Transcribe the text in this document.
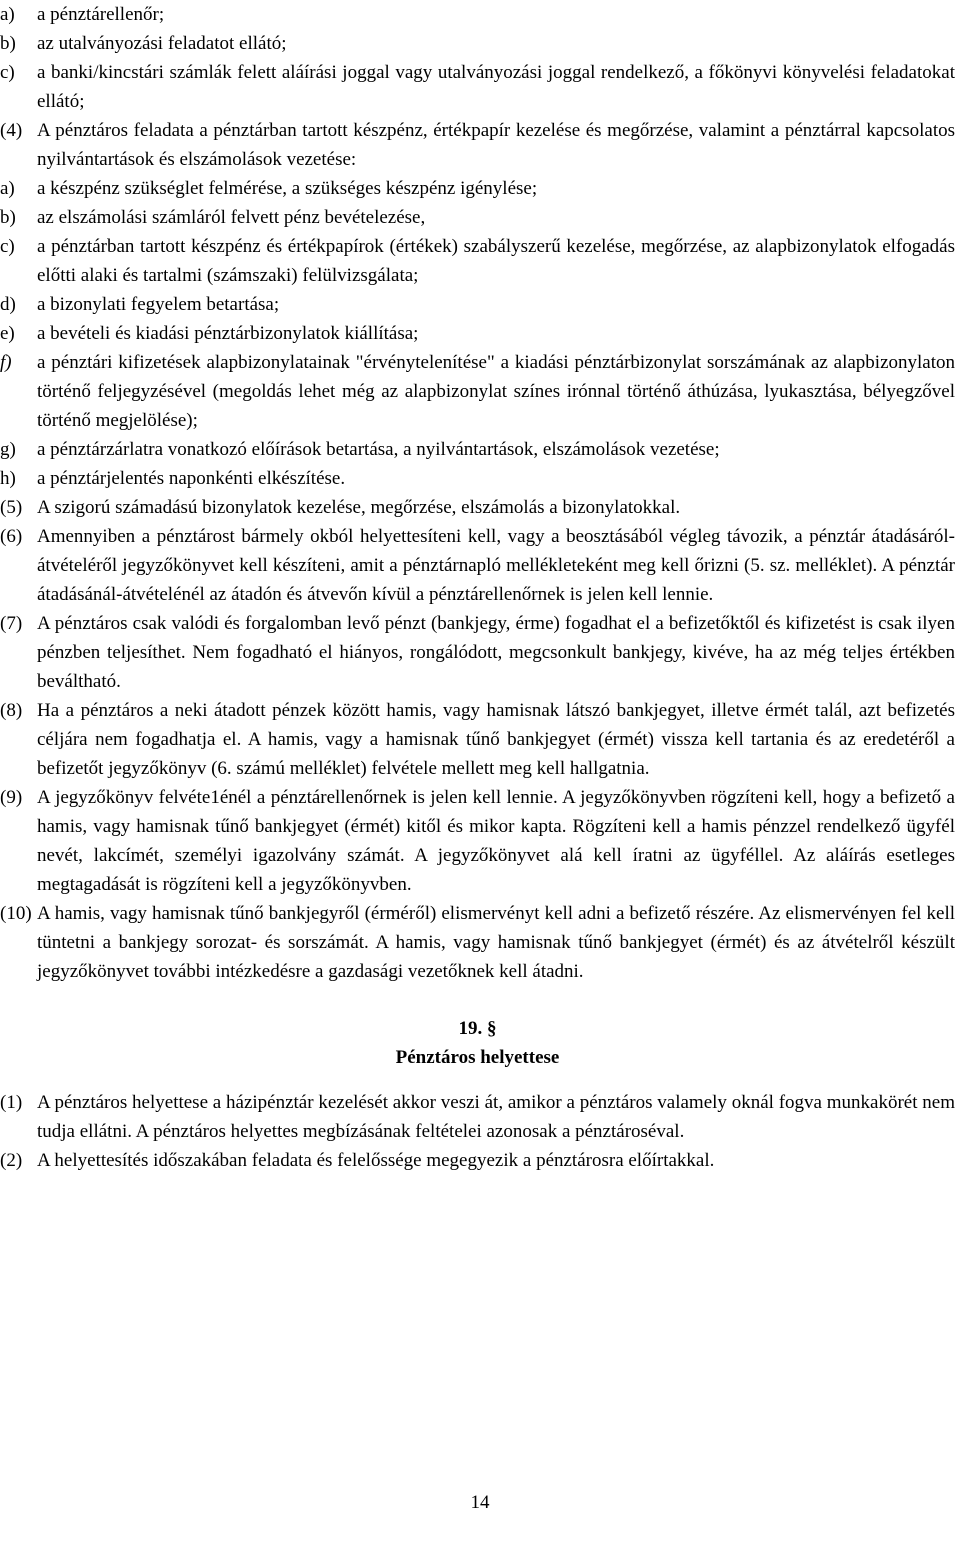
a)	a pénztárellenőr;
b)	az utalványozási feladatot ellátó;
c)	a banki/kincstári számlák felett aláírási joggal vagy utalványozási joggal rendelkező, a főkönyvi könyvelési feladatokat ellátó;
(4) A pénztáros feladata a pénztárban tartott készpénz, értékpapír kezelése és megőrzése, valamint a pénztárral kapcsolatos nyilvántartások és elszámolások vezetése:
a)	a készpénz szükséglet felmérése, a szükséges készpénz igénylése;
b)	az elszámolási számláról felvett pénz bevételezése,
c)	a pénztárban tartott készpénz és értékpapírok (értékek) szabályszerű kezelése, megőrzése, az alapbizonylatok elfogadás előtti alaki és tartalmi (számszaki) felülvizsgálata;
d)	a bizonylati fegyelem betartása;
e)	a bevételi és kiadási pénztárbizonylatok kiállítása;
f)	a pénztári kifizetések alapbizonylatainak "érvénytelenítése" a kiadási pénztárbizonylat sorszámának az alapbizonylaton történő feljegyzésével (megoldás lehet még az alapbizonylat színes irónnal történő áthúzása, lyukasztása, bélyegzővel történő megjelölése);
g)	a pénztárzárlatra vonatkozó előírások betartása, a nyilvántartások, elszámolások vezetése;
h)	a pénztárjelentés naponkénti elkészítése.
(5) A szigorú számadású bizonylatok kezelése, megőrzése, elszámolás a bizonylatokkal.
(6) Amennyiben a pénztárost bármely okból helyettesíteni kell, vagy a beosztásából végleg távozik, a pénztár átadásáról-átvételéről jegyzőkönyvet kell készíteni, amit a pénztárnapló mellékleteként meg kell őrizni (5. sz. melléklet). A pénztár átadásánál-átvételénél az átadón és átvevőn kívül a pénztárellenőrnek is jelen kell lennie.
(7) A pénztáros csak valódi és forgalomban levő pénzt (bankjegy, érme) fogadhat el a befizetőktől és kifizetést is csak ilyen pénzben teljesíthet. Nem fogadható el hiányos, rongálódott, megcsonkult bankjegy, kivéve, ha az még teljes értékben beváltható.
(8) Ha a pénztáros a neki átadott pénzek között hamis, vagy hamisnak látszó bankjegyet, illetve érmét talál, azt befizetés céljára nem fogadhatja el. A hamis, vagy a hamisnak tűnő bankjegyet (érmét) vissza kell tartania és az eredetéről a befizetőt jegyzőkönyv (6. számú melléklet) felvétele mellett meg kell hallgatnia.
(9) A jegyzőkönyv felvéte1énél a pénztárellenőrnek is jelen kell lennie. A jegyzőkönyvben rögzíteni kell, hogy a befizető a hamis, vagy hamisnak tűnő bankjegyet (érmét) kitől és mikor kapta. Rögzíteni kell a hamis pénzzel rendelkező ügyfél nevét, lakcímét, személyi igazolvány számát. A jegyzőkönyvet alá kell íratni az ügyféllel. Az aláírás esetleges megtagadását is rögzíteni kell a jegyzőkönyvben.
(10) A hamis, vagy hamisnak tűnő bankjegyről (érméről) elismervényt kell adni a befizető részére. Az elismervényen fel kell tüntetni a bankjegy sorozat- és sorszámát. A hamis, vagy hamisnak tűnő bankjegyet (érmét) és az átvételről készült jegyzőkönyvet további intézkedésre a gazdasági vezetőknek kell átadni.
19. §
Pénztáros helyettese
(1) A pénztáros helyettese a házipénztár kezelését akkor veszi át, amikor a pénztáros valamely oknál fogva munkakörét nem tudja ellátni. A pénztáros helyettes megbízásának feltételei azonosak a pénztároséval.
(2) A helyettesítés időszakában feladata és felelőssége megegyezik a pénztárosra előírtakkal.
14
